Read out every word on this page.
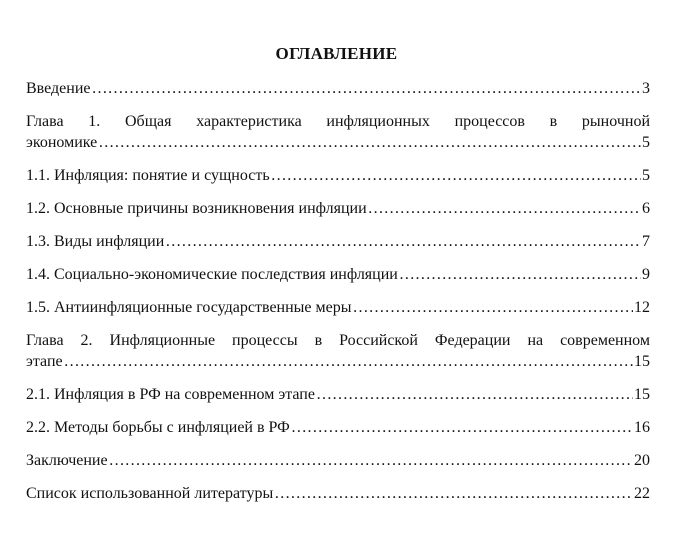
ОГЛАВЛЕНИЕ
Введение ……………………………………………………………………………………………………………………………………	3
Глава 1. Общая характеристика инфляционных процессов в рыночной
экономике ……………………………………………………………………………………………………………………………………	5
1.1. Инфляция: понятие и сущность ……………………………………………………………………………………………………………………………………	5
1.2. Основные причины возникновения инфляции ……………………………………………………………………………………………………………………………………	6
1.3. Виды инфляции ……………………………………………………………………………………………………………………………………	7
1.4. Социально-экономические последствия инфляции ……………………………………………………………………………………………………………………………………	9
1.5. Антиинфляционные государственные меры ……………………………………………………………………………………………………………………………………	12
Глава 2. Инфляционные процессы в Российской Федерации на современном
этапе ……………………………………………………………………………………………………………………………………	15
2.1. Инфляция в РФ на современном этапе ……………………………………………………………………………………………………………………………………	15
2.2. Методы борьбы с инфляцией в РФ ……………………………………………………………………………………………………………………………………	16
Заключение ……………………………………………………………………………………………………………………………………	20
Список использованной литературы ……………………………………………………………………………………………………………………………………	22
